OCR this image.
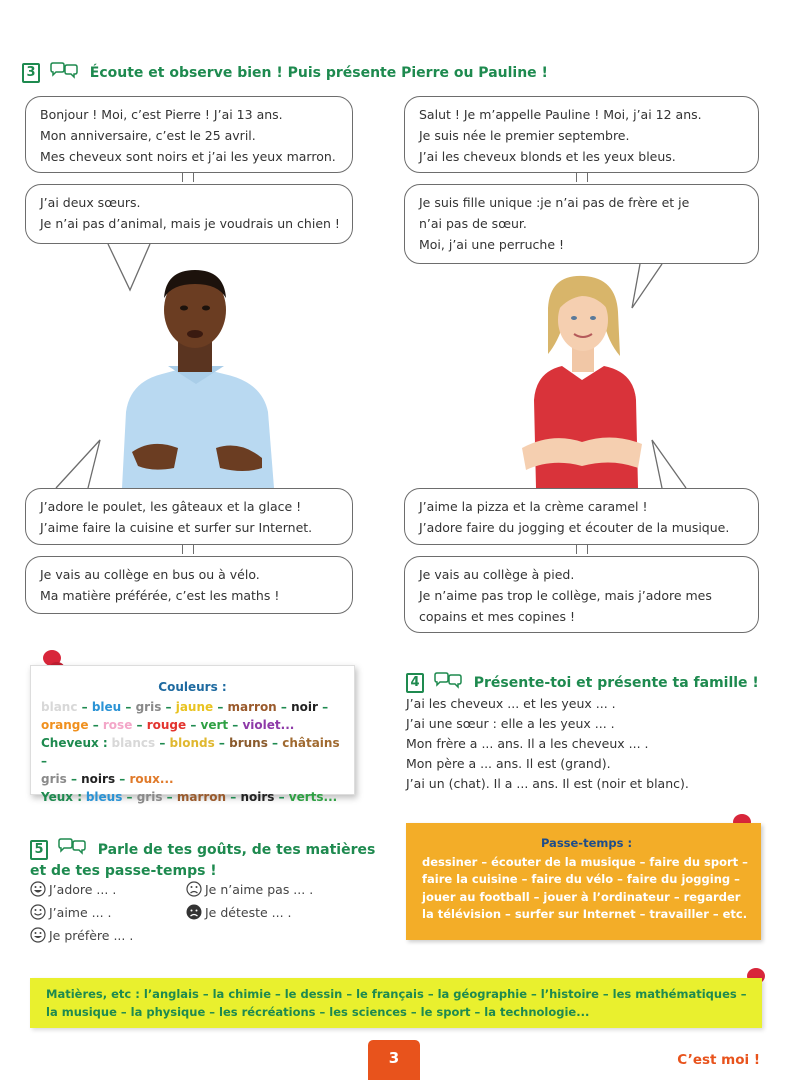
3	Écoute et observe bien ! Puis présente Pierre ou Pauline !

Bonjour ! Moi, c’est Pierre ! J’ai 13 ans.

Mon anniversaire, c’est le 25 avril.

Mes cheveux sont noirs et j’ai les yeux marron.

J’ai deux sœurs.

Je n’ai pas d’animal, mais je voudrais un chien !

Salut ! Je m’appelle Pauline ! Moi, j’ai 12 ans.

Je suis née le premier septembre.

J’ai les cheveux blonds et les yeux bleus.

Je suis fille unique :je n’ai pas de frère et je

n’ai pas de sœur.

Moi, j’ai une perruche !

J’adore le poulet, les gâteaux et la glace !

J’aime faire la cuisine et surfer sur Internet.

Je vais au collège en bus ou à vélo.

Ma matière préférée, c’est les maths !

J’aime la pizza et la crème caramel !

J’adore faire du jogging et écouter de la musique.

Je vais au collège à pied.

Je n’aime pas trop le collège, mais j’adore mes

copains et mes copines !

Couleurs :
blanc – bleu – gris – jaune – marron – noir –
orange – rose – rouge – vert – violet...
Cheveux : blancs – blonds – bruns – châtains –
gris – noirs – roux...
Yeux : bleus – gris – marron – noirs – verts...
4	Présente-toi et présente ta famille !

J’ai les cheveux ... et les yeux ... .

J’ai une sœur : elle a les yeux ... .

Mon frère a ... ans. Il a les cheveux ... .

Mon père a ... ans. Il est (grand).

J’ai un (chat). Il a ... ans. Il est (noir et blanc).

5	Parle de tes goûts, de tes matières
et de tes passe-temps !
J’adore ... .
J’aime ... .
Je préfère ... .
Je n’aime pas ... .
Je déteste ... .
Passe-temps :
dessiner – écouter de la musique – faire du sport – faire la cuisine – faire du vélo – faire du jogging – jouer au football – jouer à l’ordinateur – regarder la télévision – surfer sur Internet – travailler – etc.
Matières, etc : l’anglais – la chimie – le dessin – le français – la géographie – l’histoire – les mathématiques – la musique – la physique – les récréations – les sciences – le sport – la technologie...
3	C’est moi !
